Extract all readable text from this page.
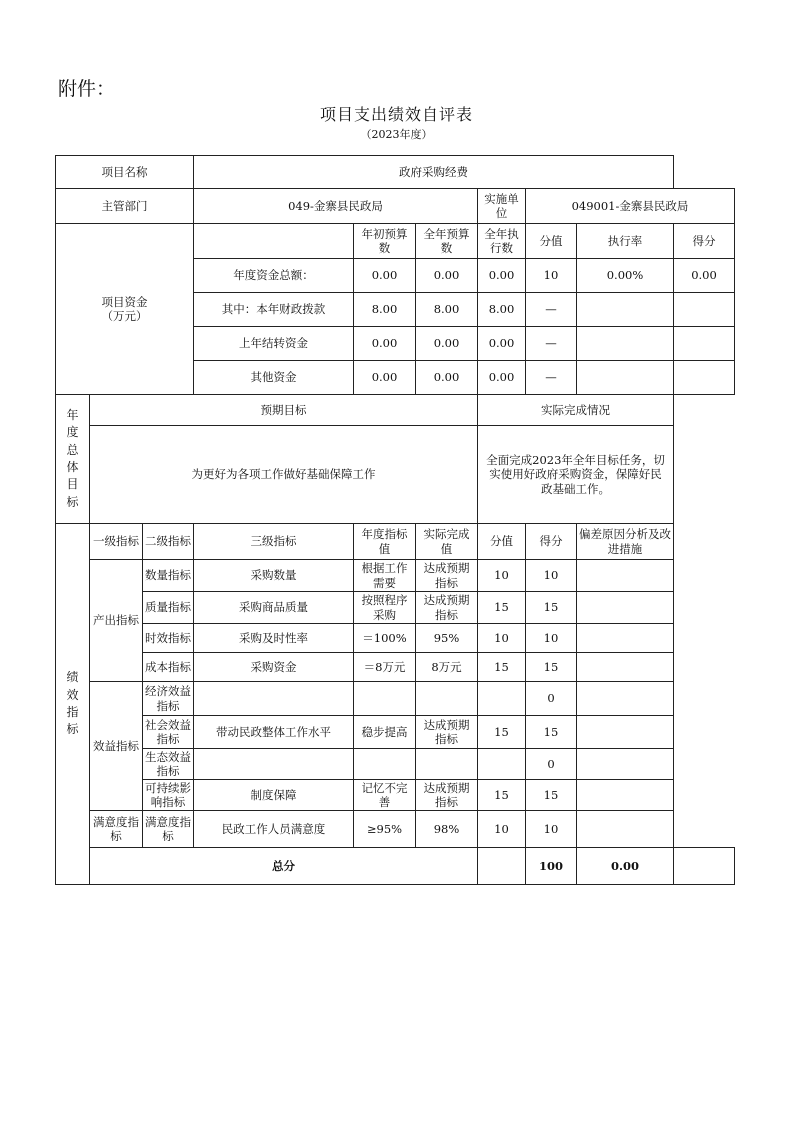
附件：
项目支出绩效自评表
（2023年度）
项目名称			政府采购经费						
主管部门			049-金寨县民政局			实施单位	049001-金寨县民政局		
项目资金
（万元）				年初预算数	全年预算数	全年执行数	分值	执行率	得分
			年度资金总额：	0.00	0.00	0.00	10	0.00%	0.00
			其中：本年财政拨款	8.00	8.00	8.00	—		
			上年结转资金	0.00	0.00	0.00	—		
			其他资金	0.00	0.00	0.00	—		
年度总体目标	预期目标					实际完成情况			
	为更好为各项工作做好基础保障工作					全面完成2023年全年目标任务，切实使用好政府采购资金，保障好民政基础工作。			
绩效指标	一级指标	二级指标	三级指标	年度指标值	实际完成值	分值	得分	偏差原因分析及改进措施	
	产出指标	数量指标	采购数量	根据工作需要	达成预期指标	10	10		
		质量指标	采购商品质量	按照程序采购	达成预期指标	15	15		
		时效指标	采购及时性率	＝100%	95%	10	10		
		成本指标	采购资金	＝8万元	8万元	15	15		
	效益指标	经济效益指标					0		
		社会效益指标	带动民政整体工作水平	稳步提高	达成预期指标	15	15		
		生态效益指标					0		
		可持续影响指标	制度保障	记忆不完善	达成预期指标	15	15		
	满意度指标	满意度指标	民政工作人员满意度	≥95%	98%	10	10		
	总分						100	0.00	
